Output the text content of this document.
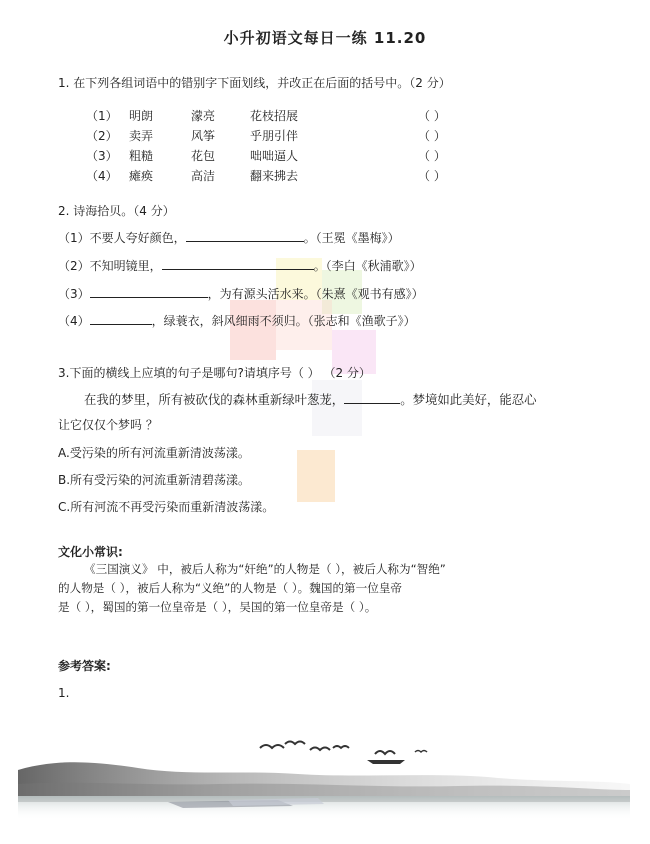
小升初语文每日一练 11.20
1. 在下列各组词语中的错别字下面划线，并改正在后面的括号中。（2 分）
（1） 明朗	濛亮	花枝招展	（ ）
（2） 卖弄	风筝	乎朋引伴	（ ）
（3） 粗糙	花包	咄咄逼人	（ ）
（4） 瘫痪	高洁	翻来拂去	（ ）
2. 诗海拾贝。（4 分）
（1）不要人夸好颜色，	。（王冕《墨梅》）
（2）不知明镜里，	。（李白《秋浦歌》）
（3）	，为有源头活水来。（朱熹《观书有感》）
（4）	，绿蓑衣，斜风细雨不须归。（张志和《渔歌子》）
3.下面的横线上应填的句子是哪句?请填序号（ ） （2 分）
在我的梦里，所有被砍伐的森林重新绿叶葱茏，	。梦境如此美好，能忍心
让它仅仅个梦吗 ？
A.受污染的所有河流重新清波荡漾。
B.所有受污染的河流重新清碧荡漾。
C.所有河流不再受污染而重新清波荡漾。
文化小常识:
《三国演义》 中，被后人称为“奸绝”的人物是（ ），被后人称为“智绝”
的人物是（ ），被后人称为“义绝”的人物是（ ）。魏国的第一位皇帝
是（ ），蜀国的第一位皇帝是（ ），吴国的第一位皇帝是（ ）。
参考答案:
1.
